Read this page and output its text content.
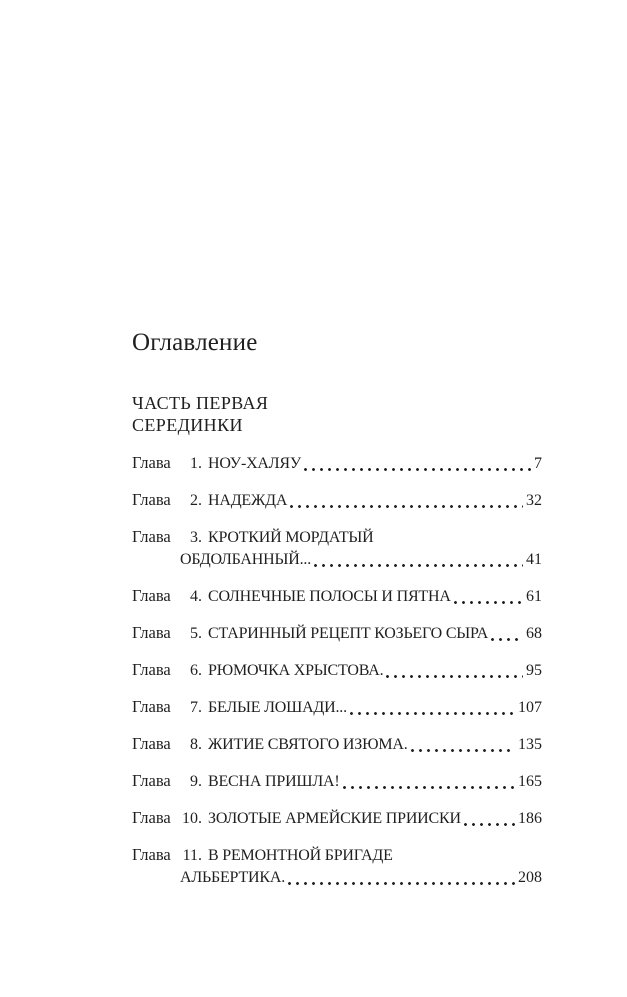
Оглавление
ЧАСТЬ ПЕРВАЯ
СЕРЕДИНКИ
Глава	1. НОУ-ХАЛЯУ	7
Глава	2. НАДЕЖДА	32
Глава	3. КРОТКИЙ МОРДАТЫЙ
ОБДОЛБАННЫЙ...	41
Глава	4. СОЛНЕЧНЫЕ ПОЛОСЫ И ПЯТНА	61
Глава	5. СТАРИННЫЙ РЕЦЕПТ КОЗЬЕГО СЫРА 68
Глава	6. РЮМОЧКА ХРЫСТОВА.	95
Глава	7. БЕЛЫЕ ЛОШАДИ...	107
Глава	8. ЖИТИЕ СВЯТОГО ИЗЮМА.	135
Глава	9. ВЕСНА ПРИШЛА!	165
Глава 10. ЗОЛОТЫЕ АРМЕЙСКИЕ ПРИИСКИ	186
Глава 11. В РЕМОНТНОЙ БРИГАДЕ
АЛЬБЕРТИКА.	208
